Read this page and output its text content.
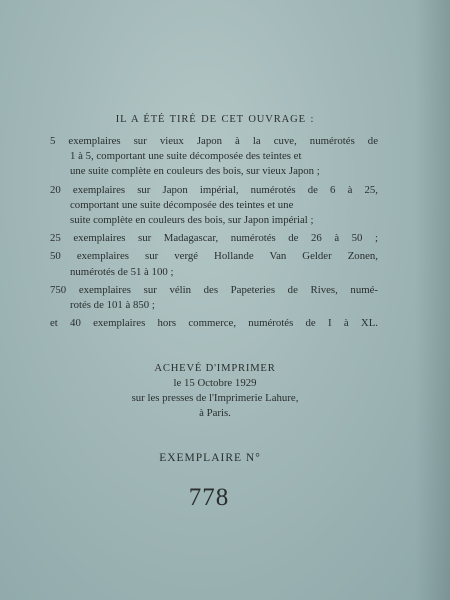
IL A ÉTÉ TIRÉ DE CET OUVRAGE :
5 exemplaires sur vieux Japon à la cuve, numérotés de
1 à 5, comportant une suite décomposée des teintes et
une suite complète en couleurs des bois, sur vieux Japon ;
20 exemplaires sur Japon impérial, numérotés de 6 à 25,
comportant une suite décomposée des teintes et une
suite complète en couleurs des bois, sur Japon impérial ;
25 exemplaires sur Madagascar, numérotés de 26 à 50 ;
50 exemplaires sur vergé Hollande Van Gelder Zonen,
numérotés de 51 à 100 ;
750 exemplaires sur vélin des Papeteries de Rives, numé-
rotés de 101 à 850 ;
et 40 exemplaires hors commerce, numérotés de I à XL.
ACHEVÉ D'IMPRIMER
le 15 Octobre 1929
sur les presses de l'Imprimerie Lahure,
à Paris.
EXEMPLAIRE N°
778
